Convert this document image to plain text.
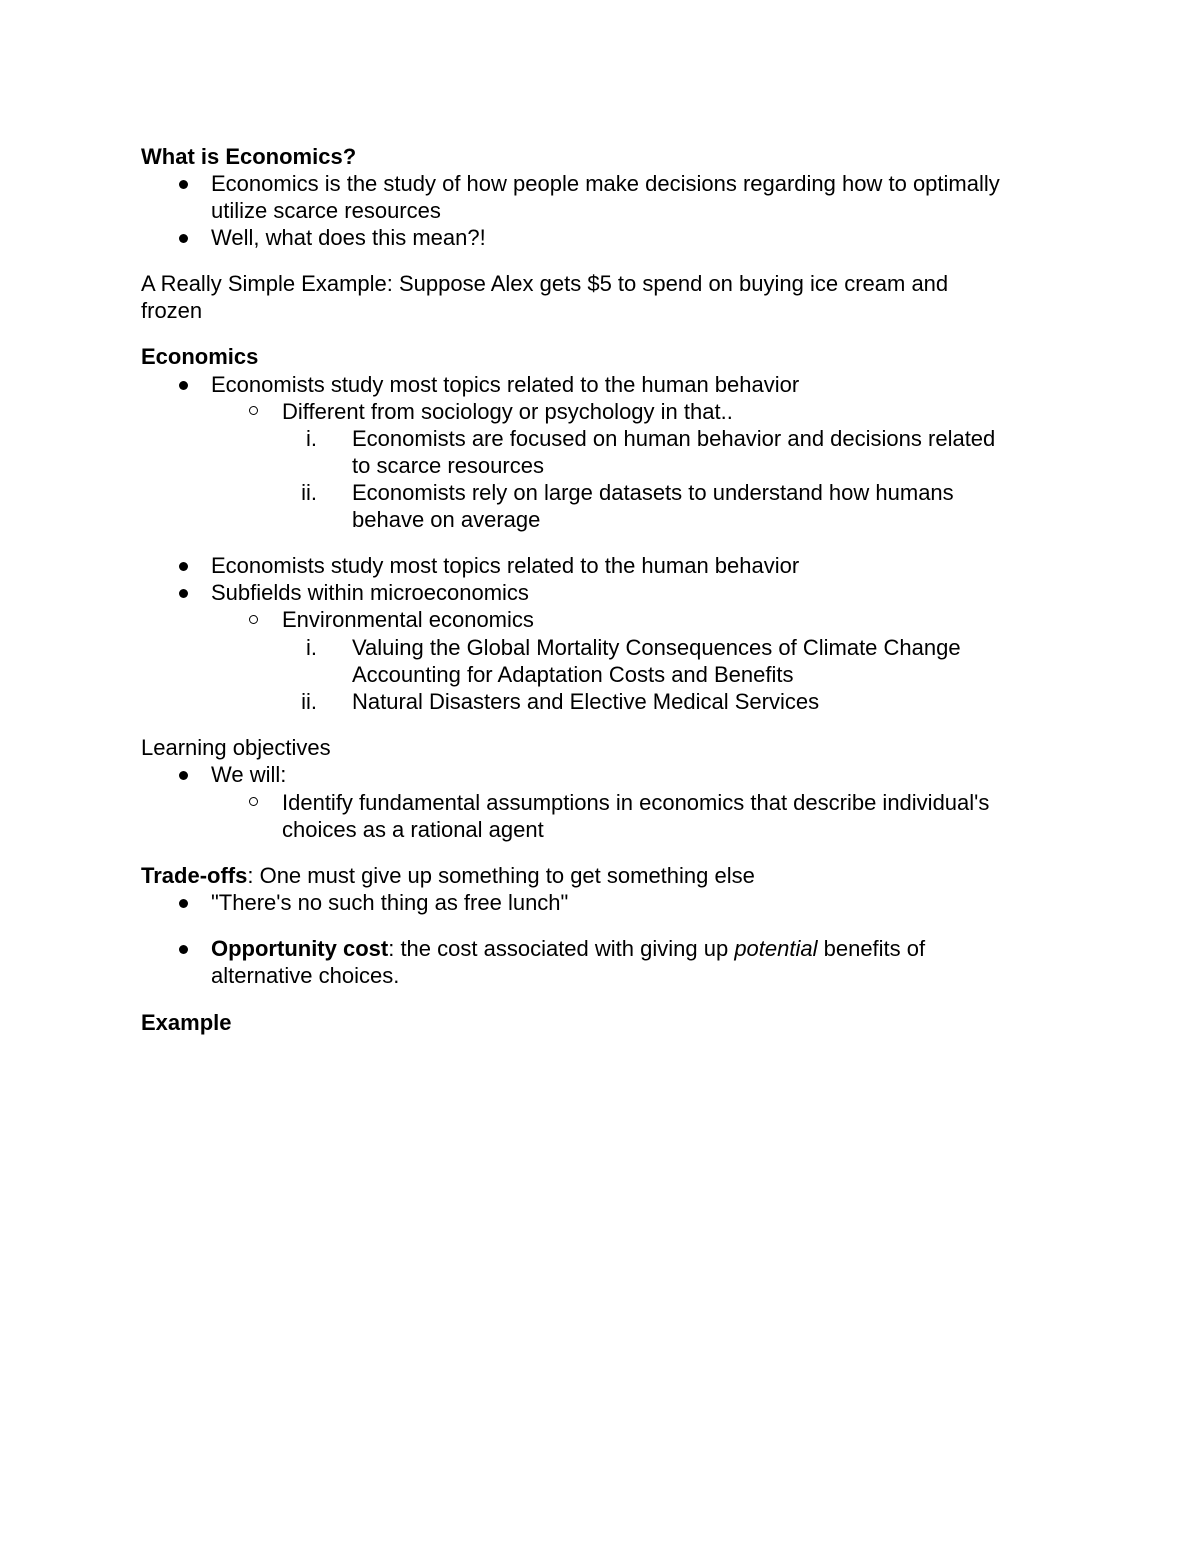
What is Economics?
Economics is the study of how people make decisions regarding how to optimally
utilize scarce resources
Well, what does this mean?!
A Really Simple Example: Suppose Alex gets $5 to spend on buying ice cream and
frozen
Economics
Economists study most topics related to the human behavior
Different from sociology or psychology in that..
i. Economists are focused on human behavior and decisions related
to scarce resources
ii. Economists rely on large datasets to understand how humans
behave on average
Economists study most topics related to the human behavior
Subfields within microeconomics
Environmental economics
i. Valuing the Global Mortality Consequences of Climate Change
Accounting for Adaptation Costs and Benefits
ii. Natural Disasters and Elective Medical Services
Learning objectives
We will:
Identify fundamental assumptions in economics that describe individual's
choices as a rational agent
Trade-offs: One must give up something to get something else
"There's no such thing as free lunch"
Opportunity cost: the cost associated with giving up potential benefits of
alternative choices.
Example
